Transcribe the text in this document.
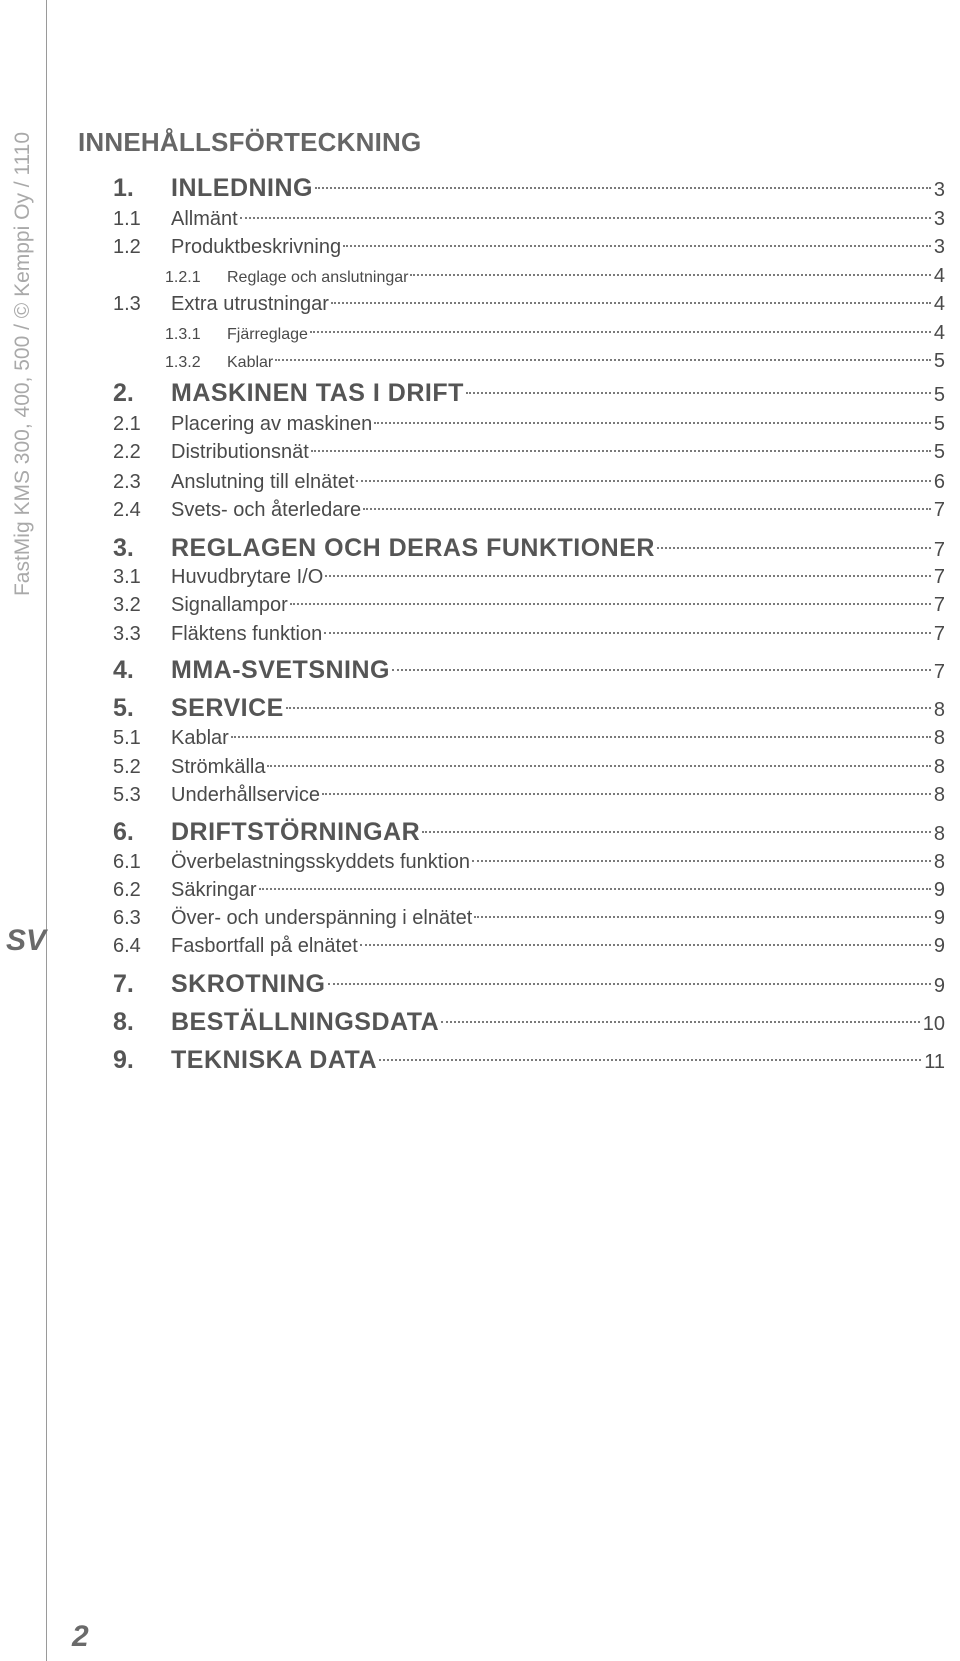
FastMig KMS 300, 400, 500 / © Kemppi Oy / 1110
SV
2
INNEHÅLLSFÖRTECKNING
1.	INLEDNING	3
1.1	Allmänt	3
1.2	Produktbeskrivning	3
1.2.1	Reglage och anslutningar	4
1.3	Extra utrustningar	4
1.3.1	Fjärreglage	4
1.3.2	Kablar	5
2.	MASKINEN TAS I DRIFT	5
2.1	Placering av maskinen	5
2.2	Distributionsnät	5
2.3	Anslutning till elnätet	6
2.4	Svets- och återledare	7
3.	REGLAGEN OCH DERAS FUNKTIONER	7
3.1	Huvudbrytare I/O	7
3.2	Signallampor	7
3.3	Fläktens funktion	7
4.	MMA-SVETSNING	7
5.	SERVICE	8
5.1	Kablar	8
5.2	Strömkälla	8
5.3	Underhållservice	8
6.	DRIFTSTÖRNINGAR	8
6.1	Överbelastningsskyddets funktion	8
6.2	Säkringar	9
6.3	Över- och underspänning i elnätet	9
6.4	Fasbortfall på elnätet	9
7.	SKROTNING	9
8.	BESTÄLLNINGSDATA	10
9.	TEKNISKA DATA	11
